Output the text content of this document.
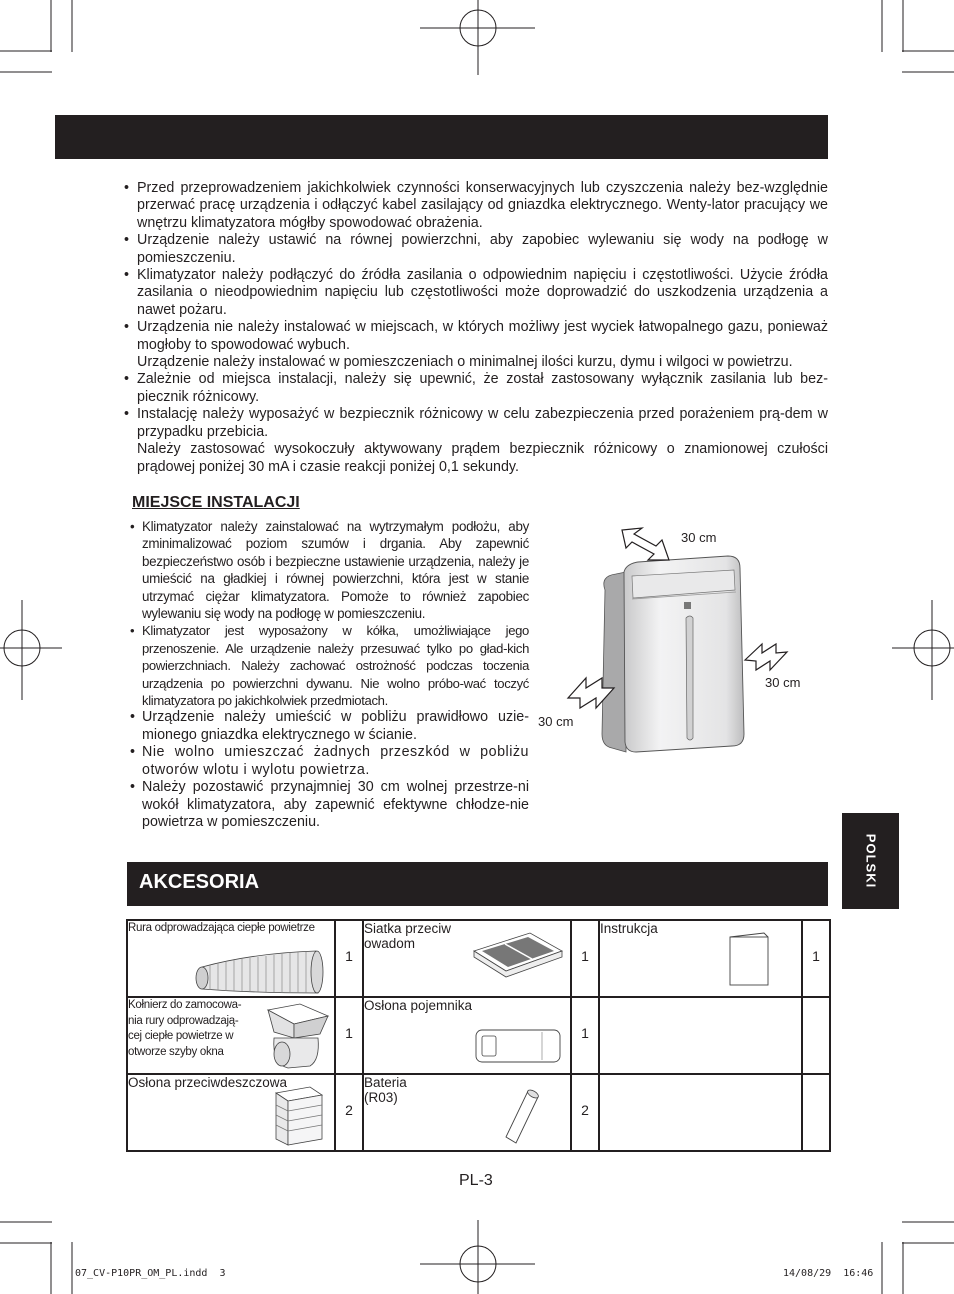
• Przed przeprowadzeniem jakichkolwiek czynności konserwacyjnych lub czyszczenia należy bez-względnie przerwać pracę urządzenia i odłączyć kabel zasilający od gniazdka elektrycznego. Wenty-lator pracujący we wnętrzu klimatyzatora mógłby spowodować obrażenia.
• Urządzenie należy ustawić na równej powierzchni, aby zapobiec wylewaniu się wody na podłogę w pomieszczeniu.
• Klimatyzator należy podłączyć do źródła zasilania o odpowiednim napięciu i częstotliwości. Użycie źródła zasilania o nieodpowiednim napięciu lub częstotliwości może doprowadzić do uszkodzenia urządzenia a nawet pożaru.
• Urządzenia nie należy instalować w miejscach, w których możliwy jest wyciek łatwopalnego gazu, ponieważ mogłoby to spowodować wybuch.
Urządzenie należy instalować w pomieszczeniach o minimalnej ilości kurzu, dymu i wilgoci w powietrzu.
• Zależnie od miejsca instalacji, należy się upewnić, że został zastosowany wyłącznik zasilania lub bez-piecznik różnicowy.
• Instalację należy wyposażyć w bezpiecznik różnicowy w celu zabezpieczenia przed porażeniem prą-dem w przypadku przebicia.
Należy zastosować wysokoczuły aktywowany prądem bezpiecznik różnicowy o znamionowej czułości prądowej poniżej 30 mA i czasie reakcji poniżej 0,1 sekundy.
MIEJSCE INSTALACJI
• Klimatyzator należy zainstalować na wytrzymałym podłożu, aby zminimalizować poziom szumów i drgania. Aby zapewnić bezpieczeństwo osób i bezpieczne ustawienie urządzenia, należy je umieścić na gładkiej i równej powierzchni, która jest w stanie utrzymać ciężar klimatyzatora. Pomoże to również zapobiec wylewaniu się wody na podłogę w pomieszczeniu.
• Klimatyzator jest wyposażony w kółka, umożliwiające jego przenoszenie. Ale urządzenie należy przesuwać tylko po gład-kich powierzchniach. Należy zachować ostrożność podczas toczenia urządzenia po powierzchni dywanu. Nie wolno próbo-wać toczyć klimatyzatora po jakichkolwiek przedmiotach.
• Urządzenie należy umieścić w pobliżu prawidłowo uzie-mionego gniazdka elektrycznego w ścianie.
• Nie wolno umieszczać żadnych przeszkód w pobliżu otworów wlotu i wylotu powietrza.
• Należy pozostawić przynajmniej 30 cm wolnej przestrze-ni wokół klimatyzatora, aby zapewnić efektywne chłodze-nie powietrza w pomieszczeniu.
30 cm
30 cm
30 cm
POLSKI
AKCESORIA
Rura odprowadzająca ciepłe powietrze	1	Siatka przeciw owadom	1	Instrukcja	1

Kołnierz do zamocowa-nia rury odprowadzają-cej ciepłe powietrze w otworze szyby okna	1	Osłona pojemnika	1		

Osłona przeciwdeszczowa	2	Bateria (R03)	2		
PL-3
07_CV-P10PR_OM_PL.indd  3	14/08/29  16:46
